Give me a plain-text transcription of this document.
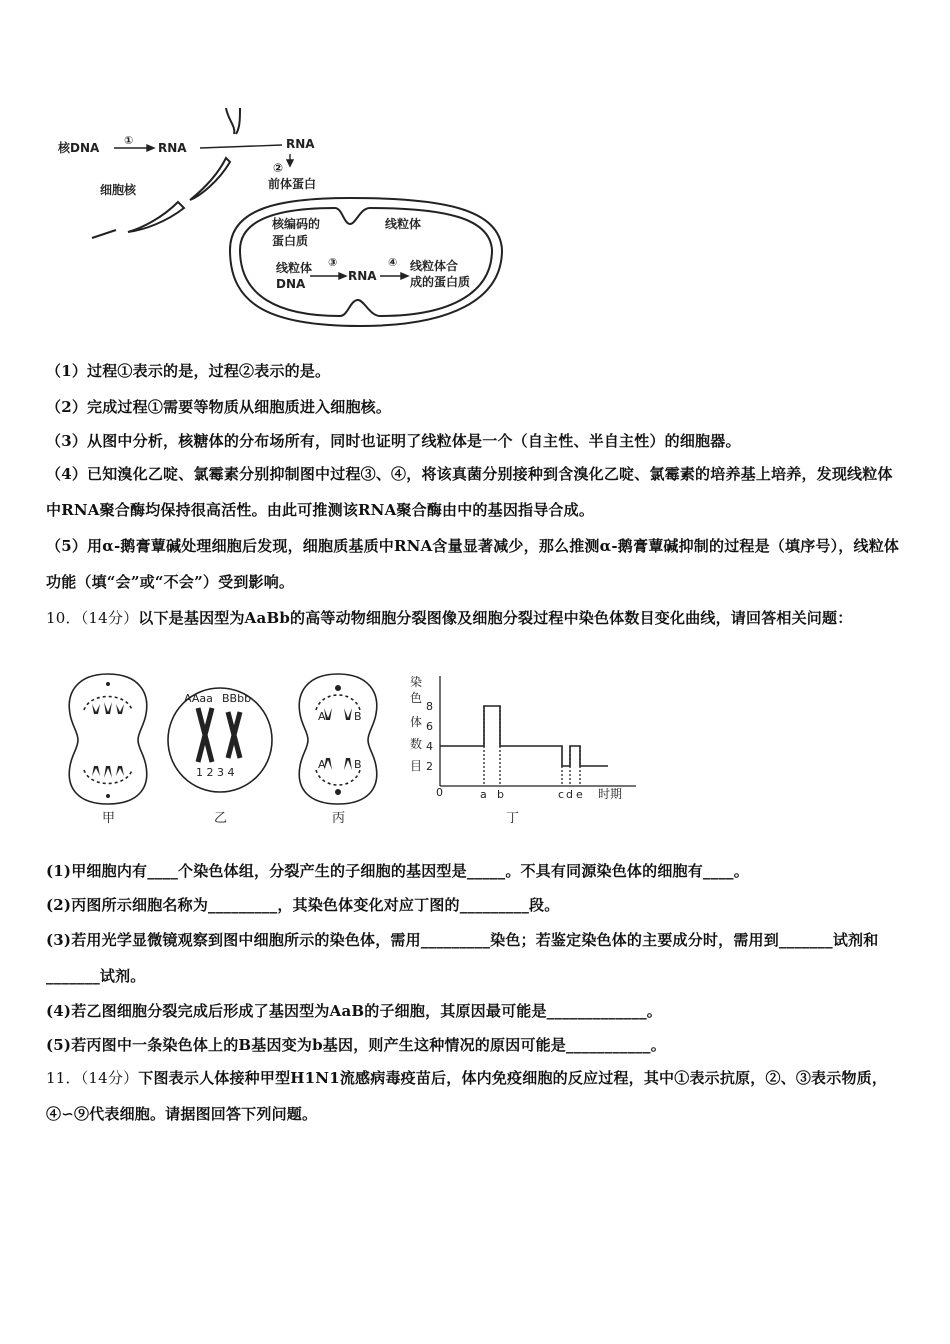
核DNA
①
RNA
细胞核
RNA
②
前体蛋白
核编码的
蛋白质
线粒体
线粒体
DNA
③
RNA
④ 线粒体合
成的蛋白质
（1）过程①表示的是，过程②表示的是。
（2）完成过程①需要等物质从细胞质进入细胞核。
（3）从图中分析，核糖体的分布场所有，同时也证明了线粒体是一个（自主性、半自主性）的细胞器。
（4）已知溴化乙啶、氯霉素分别抑制图中过程③、④，将该真菌分别接种到含溴化乙啶、氯霉素的培养基上培养，发现线粒体中RNA聚合酶均保持很高活性。由此可推测该RNA聚合酶由中的基因指导合成。
（5）用α-鹅膏蕈碱处理细胞后发现，细胞质基质中RNA含量显著减少，那么推测α-鹅膏蕈碱抑制的过程是（填序号），线粒体功能（填“会”或“不会”）受到影响。
10．（14分）以下是基因型为AaBb的高等动物细胞分裂图像及细胞分裂过程中染色体数目变化曲线，请回答相关问题：
AAaa BBbb
1 2 3 4
A	B
A	B
甲	乙	丙	丁
染
色
体
数
目
8
6
4
2
0	a b	c d e 时期
(1)甲细胞内有____个染色体组，分裂产生的子细胞的基因型是_____。不具有同源染色体的细胞有____。
(2)丙图所示细胞名称为_________，其染色体变化对应丁图的_________段。
(3)若用光学显微镜观察到图中细胞所示的染色体，需用_________染色；若鉴定染色体的主要成分时，需用到_______试剂和_______试剂。
(4)若乙图细胞分裂完成后形成了基因型为AaB的子细胞，其原因最可能是_____________。
(5)若丙图中一条染色体上的B基因变为b基因，则产生这种情况的原因可能是___________。
11．（14分）下图表示人体接种甲型H1N1流感病毒疫苗后，体内免疫细胞的反应过程，其中①表示抗原，②、③表示物质，④∽⑨代表细胞。请据图回答下列问题。
